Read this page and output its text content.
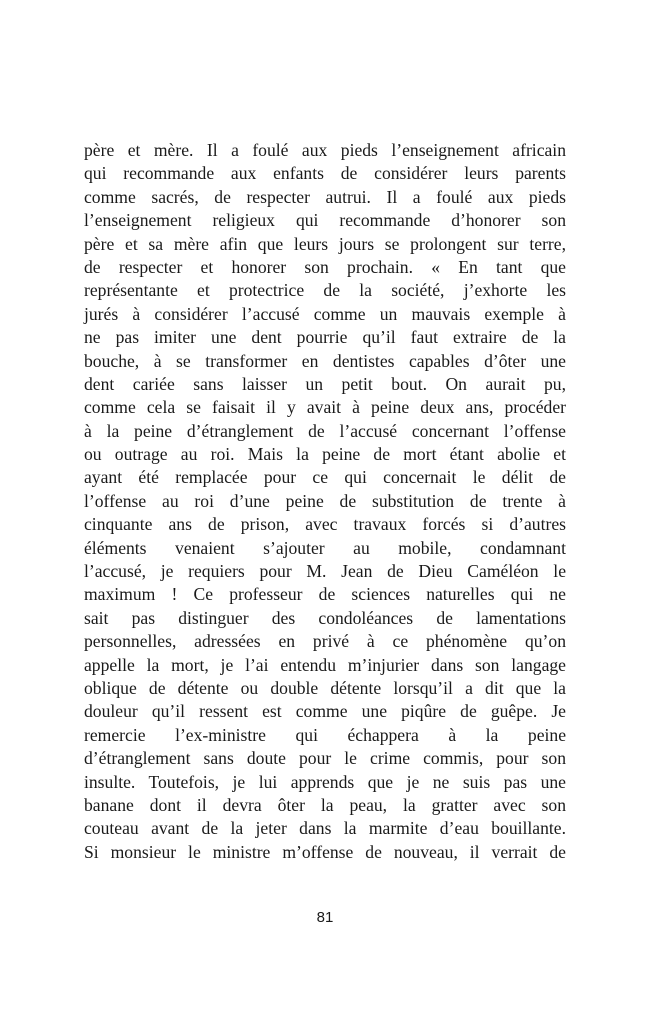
père et mère. Il a foulé aux pieds l’enseignement africain
qui recommande aux enfants de considérer leurs parents
comme sacrés, de respecter autrui. Il a foulé aux pieds
l’enseignement religieux qui recommande d’honorer son
père et sa mère afin que leurs jours se prolongent sur terre,
de respecter et honorer son prochain. « En tant que
représentante et protectrice de la société, j’exhorte les
jurés à considérer l’accusé comme un mauvais exemple à
ne pas imiter une dent pourrie qu’il faut extraire de la
bouche, à se transformer en dentistes capables d’ôter une
dent cariée sans laisser un petit bout. On aurait pu,
comme cela se faisait il y avait à peine deux ans, procéder
à la peine d’étranglement de l’accusé concernant l’offense
ou outrage au roi. Mais la peine de mort étant abolie et
ayant été remplacée pour ce qui concernait le délit de
l’offense au roi d’une peine de substitution de trente à
cinquante ans de prison, avec travaux forcés si d’autres
éléments venaient s’ajouter au mobile, condamnant
l’accusé, je requiers pour M. Jean de Dieu Caméléon le
maximum ! Ce professeur de sciences naturelles qui ne
sait pas distinguer des condoléances de lamentations
personnelles, adressées en privé à ce phénomène qu’on
appelle la mort, je l’ai entendu m’injurier dans son langage
oblique de détente ou double détente lorsqu’il a dit que la
douleur qu’il ressent est comme une piqûre de guêpe. Je
remercie l’ex-ministre qui échappera à la peine
d’étranglement sans doute pour le crime commis, pour son
insulte. Toutefois, je lui apprends que je ne suis pas une
banane dont il devra ôter la peau, la gratter avec son
couteau avant de la jeter dans la marmite d’eau bouillante.
Si monsieur le ministre m’offense de nouveau, il verrait de
81
